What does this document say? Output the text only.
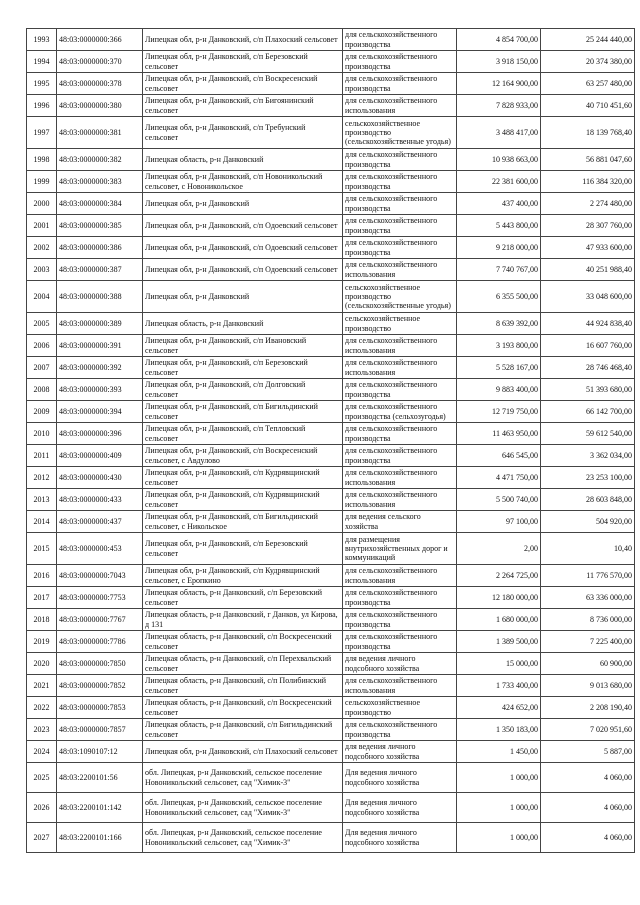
1993	48:03:0000000:366	Липецкая обл, р-н Данковский, с/п Плахоский сельсовет	для сельскохозяйственного производства	4 854 700,00	25 244 440,00
1994	48:03:0000000:370	Липецкая обл, р-н Данковский, с/п Березовский сельсовет	для сельскохозяйственного производства	3 918 150,00	20 374 380,00
1995	48:03:0000000:378	Липецкая обл, р-н Данковский, с/п Воскресенский сельсовет	для сельскохозяйственного производства	12 164 900,00	63 257 480,00
1996	48:03:0000000:380	Липецкая обл, р-н Данковский, с/п Бигоянинский сельсовет	для сельскохозяйственного использования	7 828 933,00	40 710 451,60
1997	48:03:0000000:381	Липецкая обл, р-н Данковский, с/п Требунский сельсовет	сельскохозяйственное производство (сельскохозяйственные угодья)	3 488 417,00	18 139 768,40
1998	48:03:0000000:382	Липецкая область, р-н Данковский	для сельскохозяйственного производства	10 938 663,00	56 881 047,60
1999	48:03:0000000:383	Липецкая обл, р-н Данковский, с/п Новоникольский сельсовет, с Новоникольское	для сельскохозяйственного производства	22 381 600,00	116 384 320,00
2000	48:03:0000000:384	Липецкая обл, р-н Данковский	для сельскохозяйственного производства	437 400,00	2 274 480,00
2001	48:03:0000000:385	Липецкая обл, р-н Данковский, с/п Одоевский сельсовет	для сельскохозяйственного производства	5 443 800,00	28 307 760,00
2002	48:03:0000000:386	Липецкая обл, р-н Данковский, с/п Одоевский сельсовет	для сельскохозяйственного производства	9 218 000,00	47 933 600,00
2003	48:03:0000000:387	Липецкая обл, р-н Данковский, с/п Одоевский сельсовет	для сельскохозяйственного использования	7 740 767,00	40 251 988,40
2004	48:03:0000000:388	Липецкая обл, р-н Данковский	сельскохозяйственное производство (сельскохозяйственные угодья)	6 355 500,00	33 048 600,00
2005	48:03:0000000:389	Липецкая область, р-н Данковский	сельскохозяйственное производство	8 639 392,00	44 924 838,40
2006	48:03:0000000:391	Липецкая обл, р-н Данковский, с/п Ивановский сельсовет	для сельскохозяйственного использования	3 193 800,00	16 607 760,00
2007	48:03:0000000:392	Липецкая обл, р-н Данковский, с/п Березовский сельсовет	для сельскохозяйственного использования	5 528 167,00	28 746 468,40
2008	48:03:0000000:393	Липецкая обл, р-н Данковский, с/п Долговский сельсовет	для сельскохозяйственного производства	9 883 400,00	51 393 680,00
2009	48:03:0000000:394	Липецкая обл, р-н Данковский, с/п Бигильдинский сельсовет	для сельскохозяйственного производства (сельхозугодья)	12 719 750,00	66 142 700,00
2010	48:03:0000000:396	Липецкая обл, р-н Данковский, с/п Тепловский сельсовет	для сельскохозяйственного производства	11 463 950,00	59 612 540,00
2011	48:03:0000000:409	Липецкая обл, р-н Данковский, с/п Воскресенский сельсовет, с Авдулово	для сельскохозяйственного производства	646 545,00	3 362 034,00
2012	48:03:0000000:430	Липецкая обл, р-н Данковский, с/п Кудрявщинский сельсовет	для сельскохозяйственного использования	4 471 750,00	23 253 100,00
2013	48:03:0000000:433	Липецкая обл, р-н Данковский, с/п Кудрявщинский сельсовет	для сельскохозяйственного использования	5 500 740,00	28 603 848,00
2014	48:03:0000000:437	Липецкая обл, р-н Данковский, с/п Бигильдинский сельсовет, с Никольское	для ведения сельского хозяйства	97 100,00	504 920,00
2015	48:03:0000000:453	Липецкая обл, р-н Данковский, с/п Березовский сельсовет	для размещения внутрихозяйственных дорог и коммуникаций	2,00	10,40
2016	48:03:0000000:7043	Липецкая обл, р-н Данковский, с/п Кудрявщинский сельсовет, с Еропкино	для сельскохозяйственного использования	2 264 725,00	11 776 570,00
2017	48:03:0000000:7753	Липецкая область, р-н Данковский, с/п Березовский сельсовет	для сельскохозяйственного производства	12 180 000,00	63 336 000,00
2018	48:03:0000000:7767	Липецкая область, р-н Данковский, г Данков, ул Кирова, д 131	для сельскохозяйственного производства	1 680 000,00	8 736 000,00
2019	48:03:0000000:7786	Липецкая область, р-н Данковский, с/п Воскресенский сельсовет	для сельскохозяйственного производства	1 389 500,00	7 225 400,00
2020	48:03:0000000:7850	Липецкая область, р-н Данковский, с/п Перехвальский сельсовет	для ведения личного подсобного хозяйства	15 000,00	60 900,00
2021	48:03:0000000:7852	Липецкая область, р-н Данковский, с/п Полибинский сельсовет	для сельскохозяйственного использования	1 733 400,00	9 013 680,00
2022	48:03:0000000:7853	Липецкая область, р-н Данковский, с/п Воскресенский сельсовет	сельскохозяйственное производство	424 652,00	2 208 190,40
2023	48:03:0000000:7857	Липецкая область, р-н Данковский, с/п Бигильдинский сельсовет	для сельскохозяйственного производства	1 350 183,00	7 020 951,60
2024	48:03:1090107:12	Липецкая обл, р-н Данковский, с/п Плахоский сельсовет	для ведения личного подсобного хозяйства	1 450,00	5 887,00
2025	48:03:2200101:56	обл. Липецкая, р-н Данковский, сельское поселение Новоникольский сельсовет, сад "Химик-3"	Для ведения личного подсобного хозяйства	1 000,00	4 060,00
2026	48:03:2200101:142	обл. Липецкая, р-н Данковский, сельское поселение Новоникольский сельсовет, сад "Химик-3"	Для ведения личного подсобного хозяйства	1 000,00	4 060,00
2027	48:03:2200101:166	обл. Липецкая, р-н Данковский, сельское поселение Новоникольский сельсовет, сад "Химик-3"	Для ведения личного подсобного хозяйства	1 000,00	4 060,00
